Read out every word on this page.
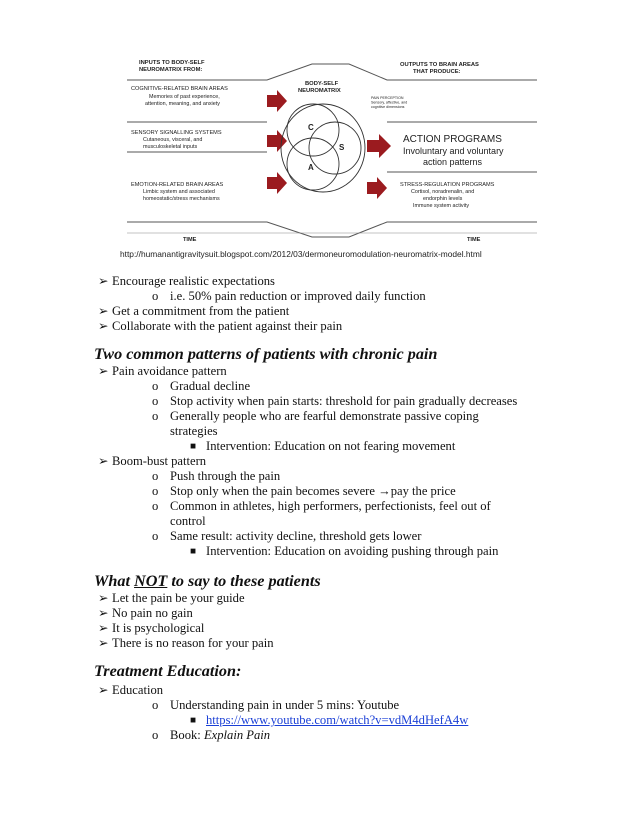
INPUTS TO BODY-SELF NEUROMATRIX FROM:
OUTPUTS TO BRAIN AREAS THAT PRODUCE:
BODY-SELF NEUROMATRIX
COGNITIVE-RELATED BRAIN AREAS
Memories of past experience, attention, meaning, and anxiety
SENSORY SIGNALLING SYSTEMS
Cutaneous, visceral, and musculoskeletal inputs
EMOTION-RELATED BRAIN AREAS
Limbic system and associated homeostatic/stress mechanisms
PAIN PERCEPTION Sensory, affective, and cognitive dimensions
ACTION PROGRAMS
Involuntary and voluntary action patterns
STRESS-REGULATION PROGRAMS
Cortisol, noradrenalin, and endorphin levels Immune system activity
C
S
A
TIME	TIME
http://humanantigravitysuit.blogspot.com/2012/03/dermoneuromodulation-neuromatrix-model.html
➢ Encourage realistic expectations
o i.e. 50% pain reduction or improved daily function
➢ Get a commitment from the patient
➢ Collaborate with the patient against their pain
Two common patterns of patients with chronic pain
➢ Pain avoidance pattern
o Gradual decline
o Stop activity when pain starts: threshold for pain gradually decreases
o Generally people who are fearful demonstrate passive coping
strategies
■ Intervention: Education on not fearing movement
➢ Boom-bust pattern
o Push through the pain
o Stop only when the pain becomes severe →pay the price
o Common in athletes, high performers, perfectionists, feel out of
control
o Same result: activity decline, threshold gets lower
■ Intervention: Education on avoiding pushing through pain
What NOT to say to these patients
➢ Let the pain be your guide
➢ No pain no gain
➢ It is psychological
➢ There is no reason for your pain
Treatment Education:
➢ Education
o Understanding pain in under 5 mins: Youtube
■ https://www.youtube.com/watch?v=vdM4dHefA4w
o Book: Explain Pain
